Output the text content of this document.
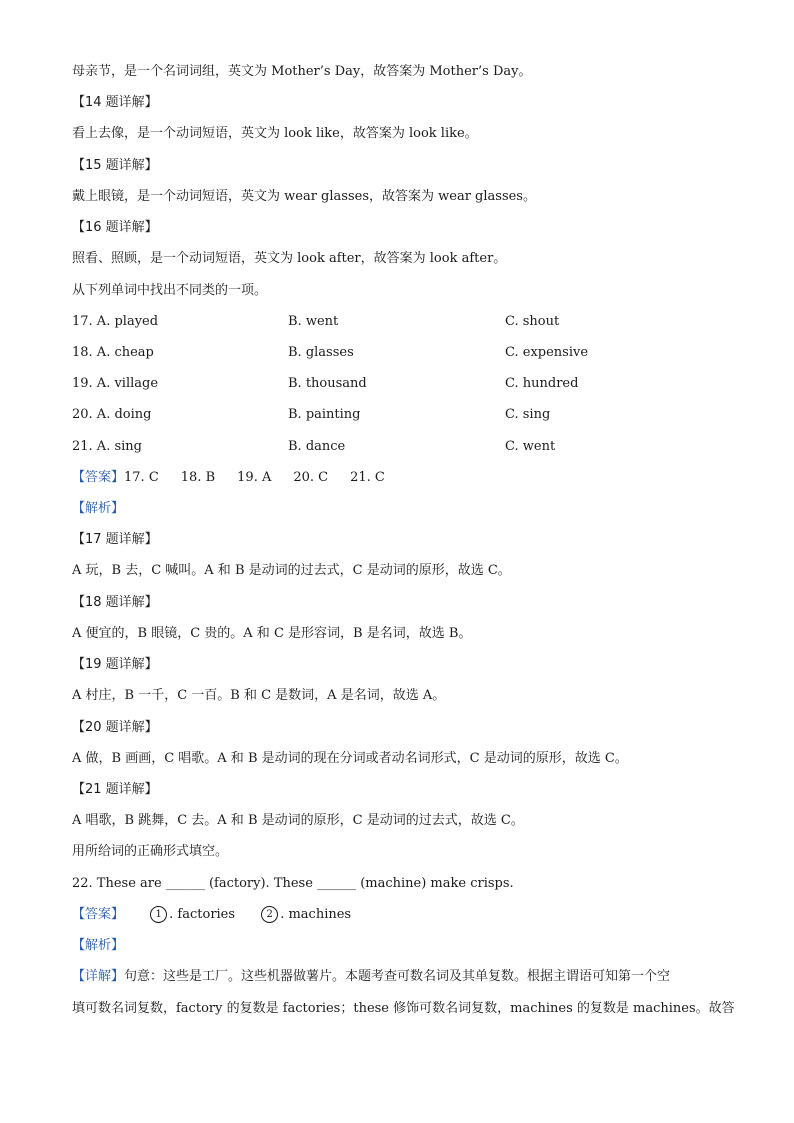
母亲节，是一个名词词组，英文为 Mother’s Day，故答案为 Mother’s Day。
【14 题详解】
看上去像，是一个动词短语，英文为 look like，故答案为 look like。
【15 题详解】
戴上眼镜，是一个动词短语，英文为 wear glasses，故答案为 wear glasses。
【16 题详解】
照看、照顾，是一个动词短语，英文为 look after，故答案为 look after。
从下列单词中找出不同类的一项。
17. A. played	B. went	C. shout
18. A. cheap	B. glasses	C. expensive
19. A. village	B. thousand	C. hundred
20. A. doing	B. painting	C. sing
21. A. sing	B. dance	C. went
【答案】17. C 18. B 19. A 20. C 21. C
【解析】
【17 题详解】
A 玩，B 去，C 喊叫。A 和 B 是动词的过去式，C 是动词的原形，故选 C。
【18 题详解】
A 便宜的，B 眼镜，C 贵的。A 和 C 是形容词，B 是名词，故选 B。
【19 题详解】
A 村庄，B 一千，C 一百。B 和 C 是数词，A 是名词，故选 A。
【20 题详解】
A 做，B 画画，C 唱歌。A 和 B 是动词的现在分词或者动名词形式，C 是动词的原形，故选 C。
【21 题详解】
A 唱歌，B 跳舞，C 去。A 和 B 是动词的原形，C 是动词的过去式，故选 C。
用所给词的正确形式填空。
22. These are ______ (factory). These ______ (machine) make crisps.
【答案】	1 . factories	2 . machines
【解析】
【详解】句意：这些是工厂。这些机器做薯片。本题考查可数名词及其单复数。根据主谓语可知第一个空
填可数名词复数，factory 的复数是 factories；these 修饰可数名词复数，machines 的复数是 machines。故答
